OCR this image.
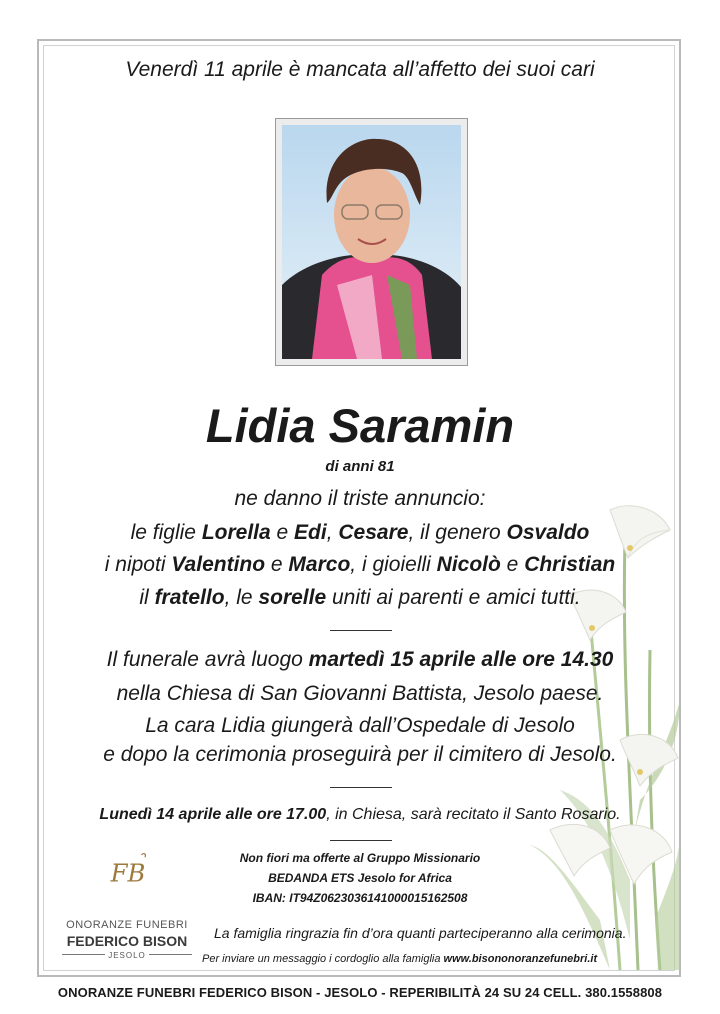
Venerdì 11 aprile è mancata all’affetto dei suoi cari
Lidia Saramin
di anni 81
ne danno il triste annuncio:
le figlie Lorella e Edi, Cesare, il genero Osvaldo
i nipoti Valentino e Marco, i gioielli Nicolò e Christian
il fratello, le sorelle uniti ai parenti e amici tutti.
Il funerale avrà luogo martedì 15 aprile alle ore 14.30
nella Chiesa di San Giovanni Battista, Jesolo paese.
La cara Lidia giungerà dall’Ospedale di Jesolo
e dopo la cerimonia proseguirà per il cimitero di Jesolo.
Lunedì 14 aprile alle ore 17.00, in Chiesa, sarà recitato il Santo Rosario.
Non fiori ma offerte al Gruppo Missionario
BEDANDA ETS Jesolo for Africa
IBAN: IT94Z0623036141000015162508
FB
ONORANZE FUNEBRI
FEDERICO BISON
JESOLO
La famiglia ringrazia fin d’ora quanti parteciperanno alla cerimonia.
Per inviare un messaggio i cordoglio alla famiglia www.bisononoranzefunebri.it
ONORANZE FUNEBRI FEDERICO BISON - JESOLO - REPERIBILITÀ 24 SU 24 CELL. 380.1558808
